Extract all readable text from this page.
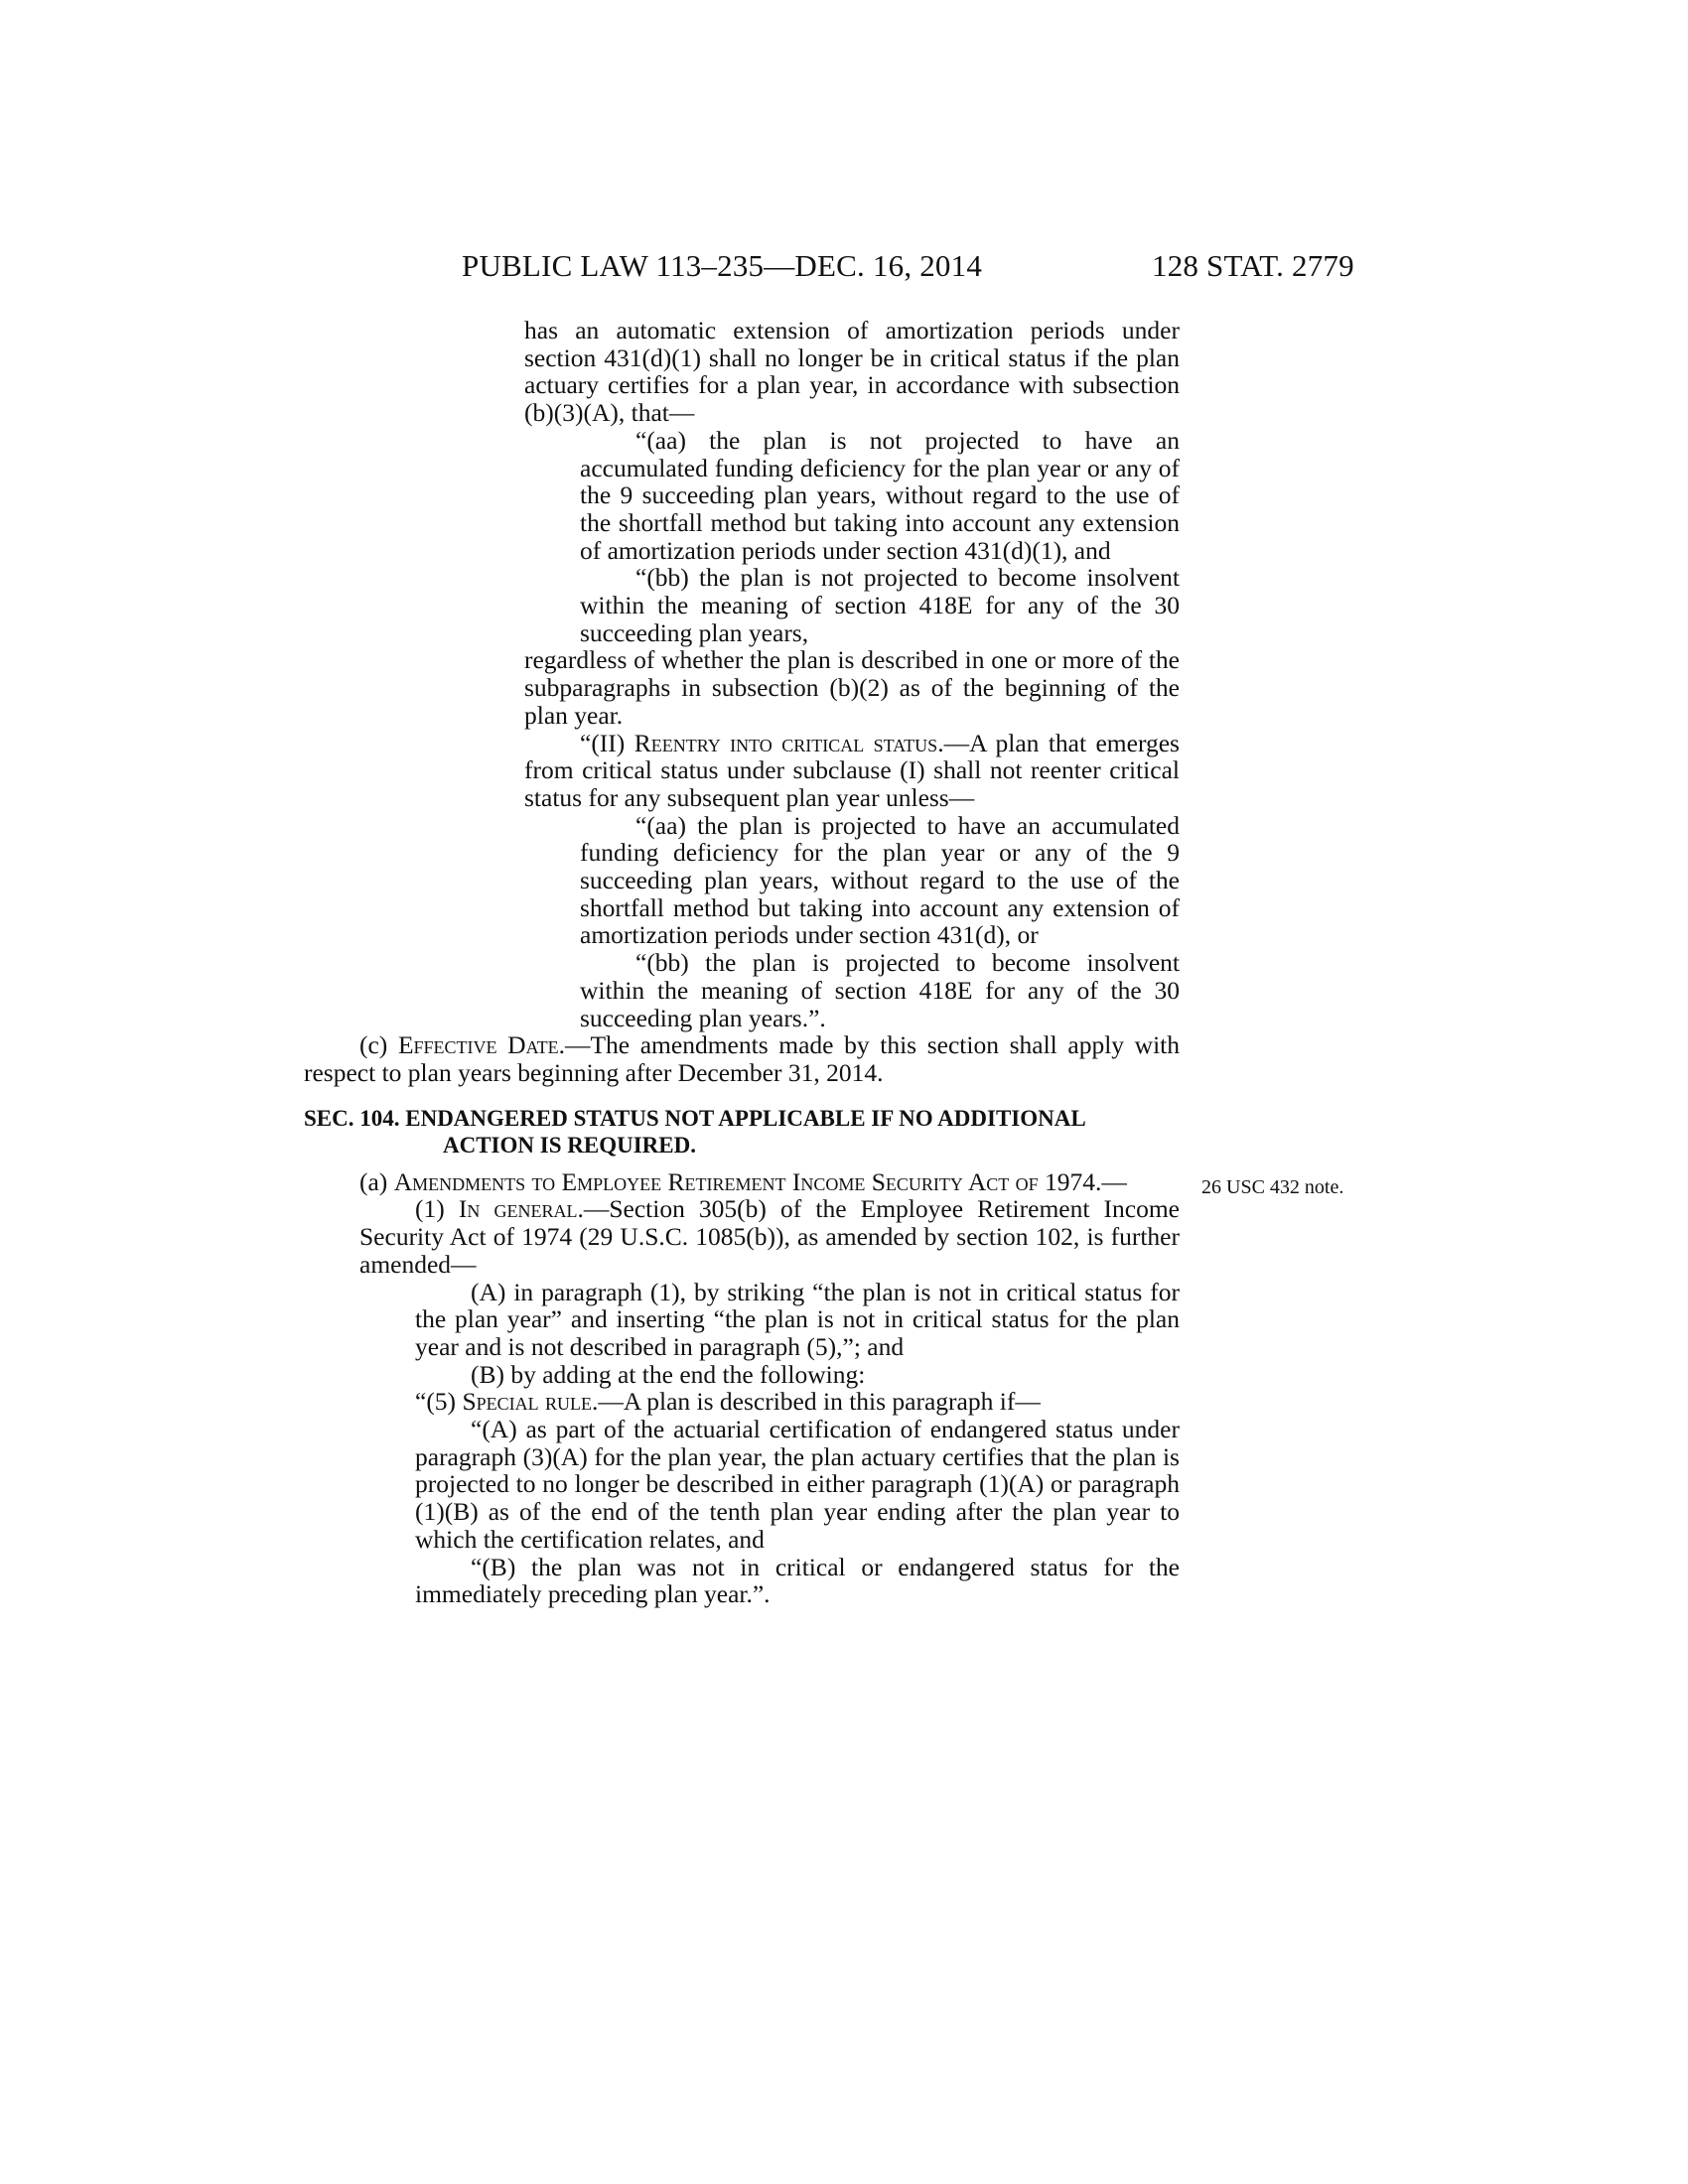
PUBLIC LAW 113–235—DEC. 16, 2014	128 STAT. 2779
26 USC 432 note.

has an automatic extension of amortization periods under section 431(d)(1) shall no longer be in critical status if the plan actuary certifies for a plan year, in accordance with subsection (b)(3)(A), that—

“(aa) the plan is not projected to have an accumulated funding deficiency for the plan year or any of the 9 succeeding plan years, without regard to the use of the shortfall method but taking into account any extension of amortization periods under section 431(d)(1), and

“(bb) the plan is not projected to become insolvent within the meaning of section 418E for any of the 30 succeeding plan years,

regardless of whether the plan is described in one or more of the subparagraphs in subsection (b)(2) as of the beginning of the plan year.

“(II) Reentry into critical status.—A plan that emerges from critical status under subclause (I) shall not reenter critical status for any subsequent plan year unless—

“(aa) the plan is projected to have an accumulated funding deficiency for the plan year or any of the 9 succeeding plan years, without regard to the use of the shortfall method but taking into account any extension of amortization periods under section 431(d), or

“(bb) the plan is projected to become insolvent within the meaning of section 418E for any of the 30 succeeding plan years.”.

(c) Effective Date.—The amendments made by this section shall apply with respect to plan years beginning after December 31, 2014.

SEC. 104. ENDANGERED STATUS NOT APPLICABLE IF NO ADDITIONAL ACTION IS REQUIRED.

(a) Amendments to Employee Retirement Income Security Act of 1974.—

(1) In general.—Section 305(b) of the Employee Retirement Income Security Act of 1974 (29 U.S.C. 1085(b)), as amended by section 102, is further amended—

(A) in paragraph (1), by striking “the plan is not in critical status for the plan year” and inserting “the plan is not in critical status for the plan year and is not described in paragraph (5),”; and

(B) by adding at the end the following:

“(5) Special rule.—A plan is described in this paragraph if—

“(A) as part of the actuarial certification of endangered status under paragraph (3)(A) for the plan year, the plan actuary certifies that the plan is projected to no longer be described in either paragraph (1)(A) or paragraph (1)(B) as of the end of the tenth plan year ending after the plan year to which the certification relates, and

“(B) the plan was not in critical or endangered status for the immediately preceding plan year.”.
